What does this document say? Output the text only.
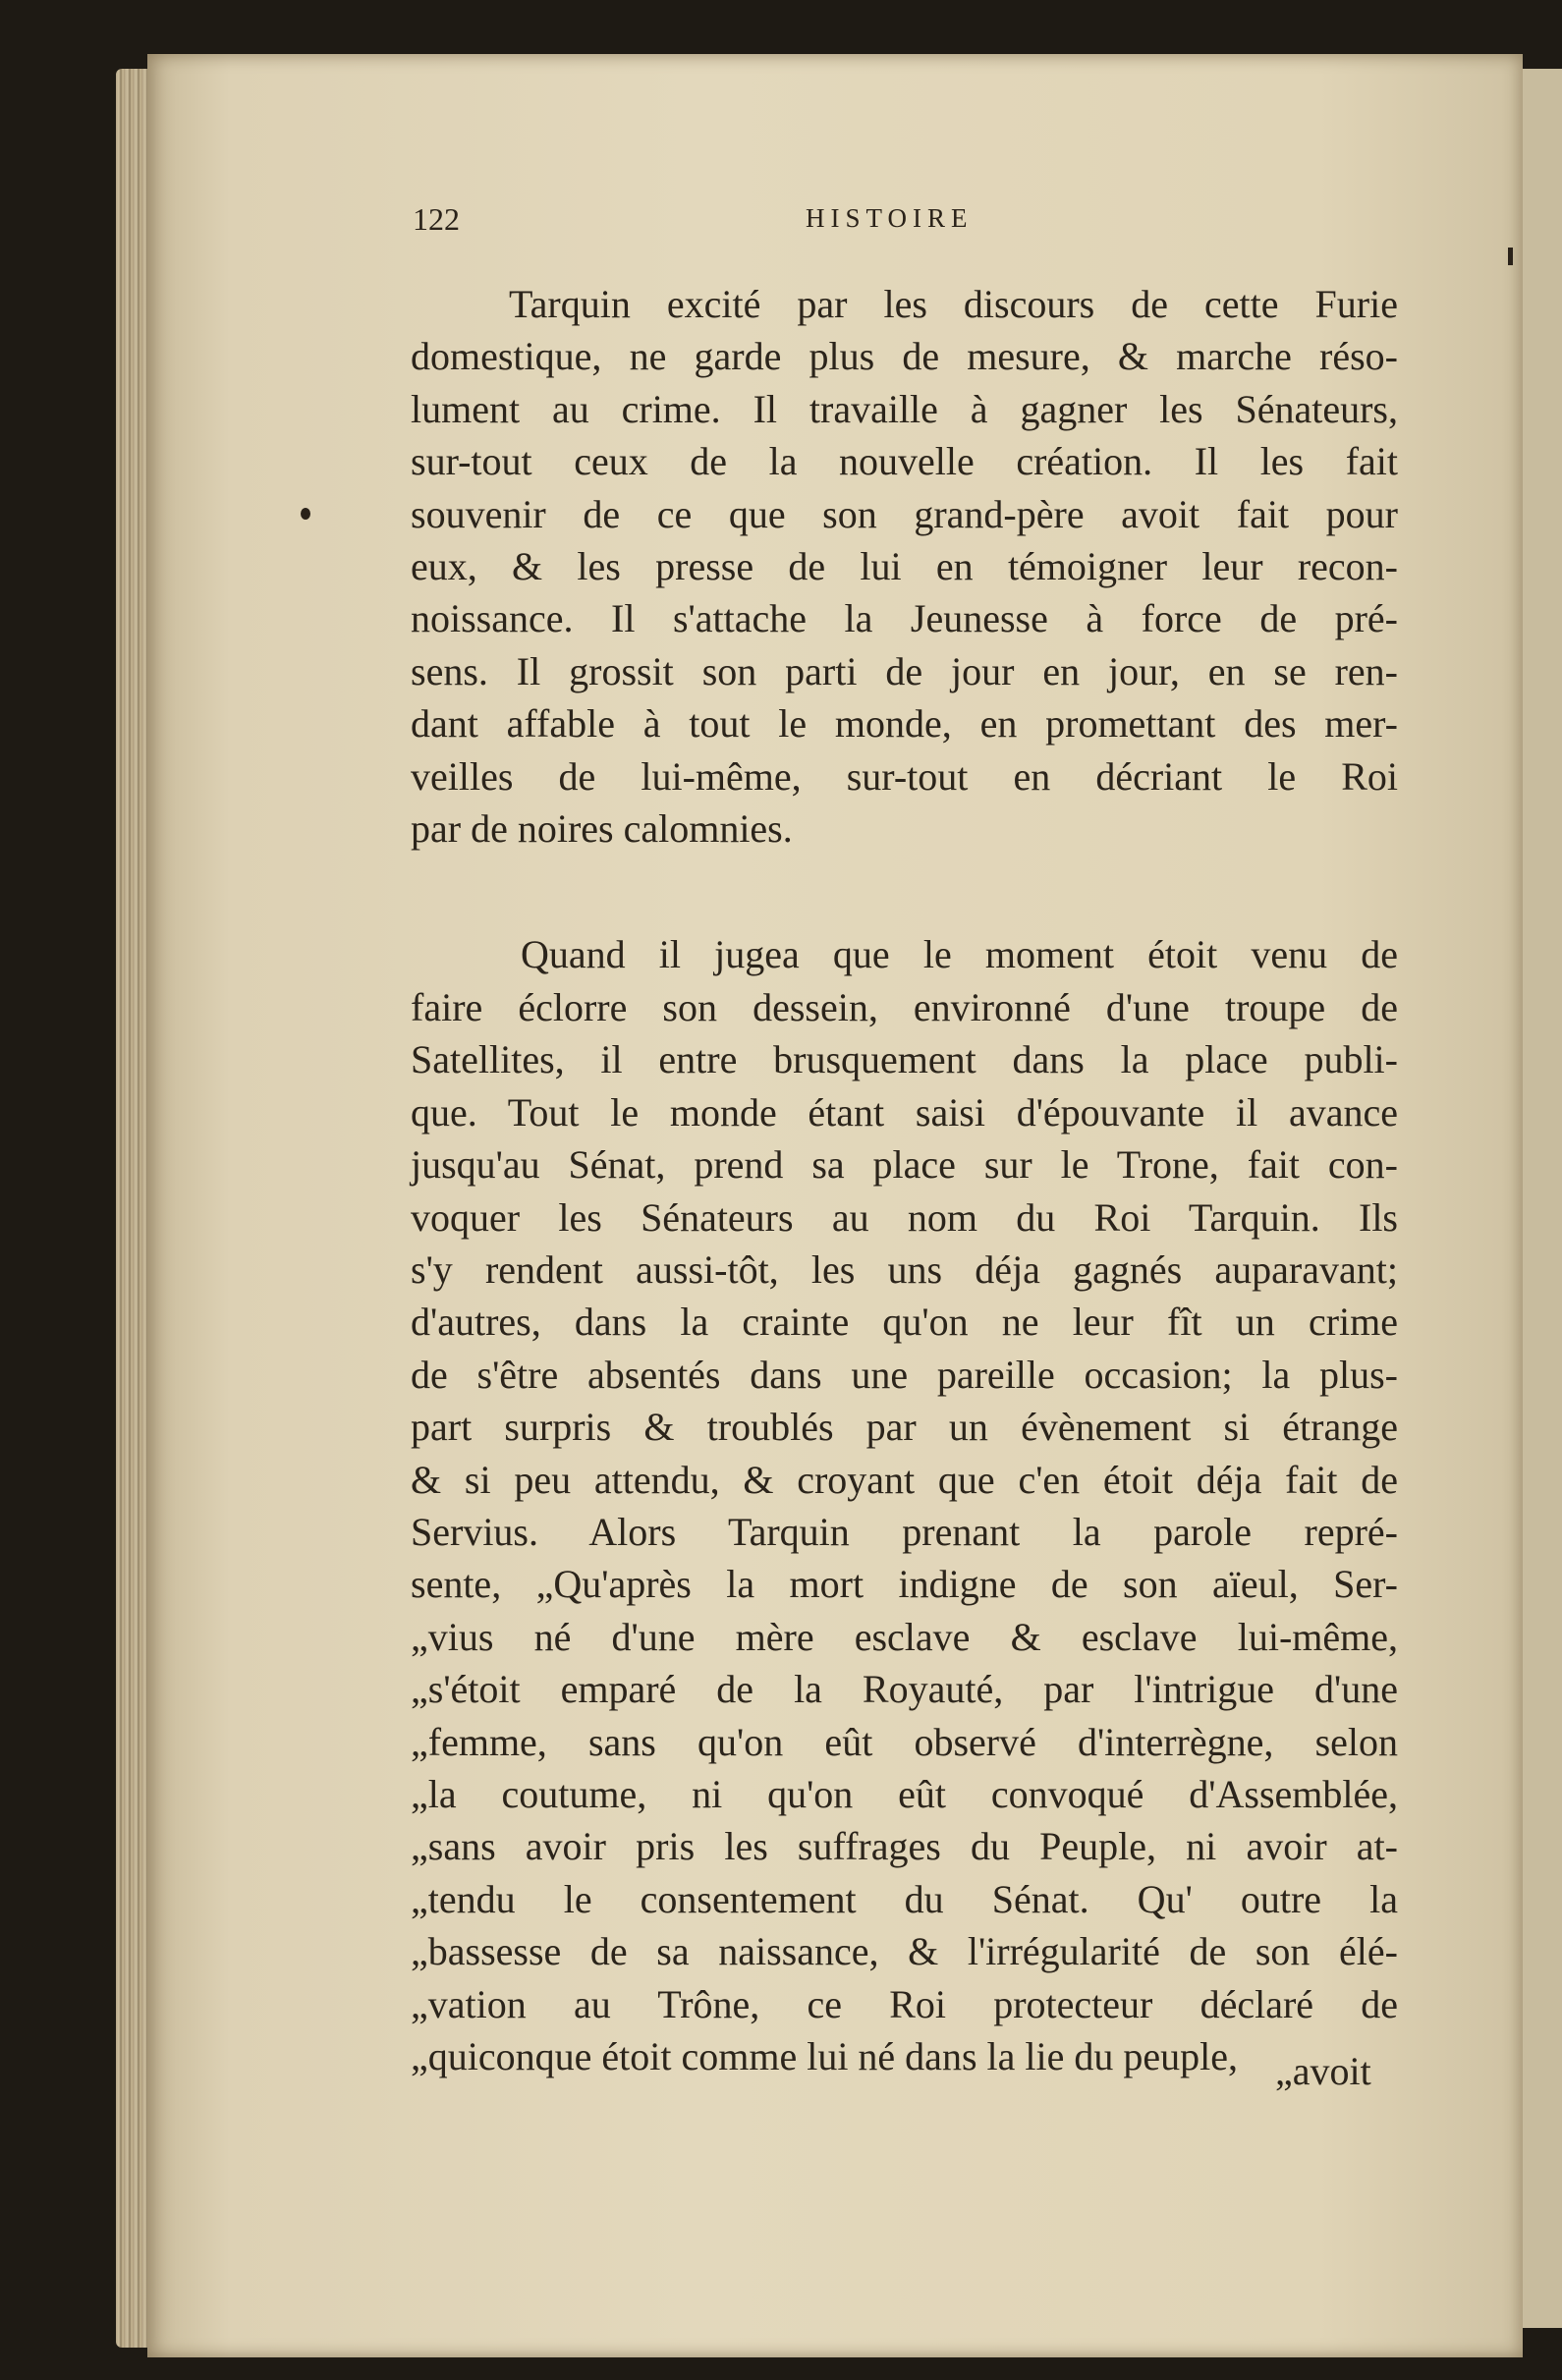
122	HISTOIRE
Tarquin excité par les discours de cette Furie
domestique, ne garde plus de mesure, & marche réso-
lument au crime. Il travaille à gagner les Sénateurs,
sur-tout ceux de la nouvelle création. Il les fait
souvenir de ce que son grand-père avoit fait pour
eux, & les presse de lui en témoigner leur recon-
noissance. Il s'attache la Jeunesse à force de pré-
sens. Il grossit son parti de jour en jour, en se ren-
dant affable à tout le monde, en promettant des mer-
veilles de lui-même, sur-tout en décriant le Roi
par de noires calomnies.
Quand il jugea que le moment étoit venu de
faire éclorre son dessein, environné d'une troupe de
Satellites, il entre brusquement dans la place publi-
que. Tout le monde étant saisi d'épouvante il avance
jusqu'au Sénat, prend sa place sur le Trone, fait con-
voquer les Sénateurs au nom du Roi Tarquin. Ils
s'y rendent aussi-tôt, les uns déja gagnés auparavant;
d'autres, dans la crainte qu'on ne leur fît un crime
de s'être absentés dans une pareille occasion; la plus-
part surpris & troublés par un évènement si étrange
& si peu attendu, & croyant que c'en étoit déja fait de
Servius. Alors Tarquin prenant la parole repré-
sente, „Qu'après la mort indigne de son aïeul, Ser-
„vius né d'une mère esclave & esclave lui-même,
„s'étoit emparé de la Royauté, par l'intrigue d'une
„femme, sans qu'on eût observé d'interrègne, selon
„la coutume, ni qu'on eût convoqué d'Assemblée,
„sans avoir pris les suffrages du Peuple, ni avoir at-
„tendu le consentement du Sénat. Qu' outre la
„bassesse de sa naissance, & l'irrégularité de son élé-
„vation au Trône, ce Roi protecteur déclaré de
„quiconque étoit comme lui né dans la lie du peuple, „avoit
